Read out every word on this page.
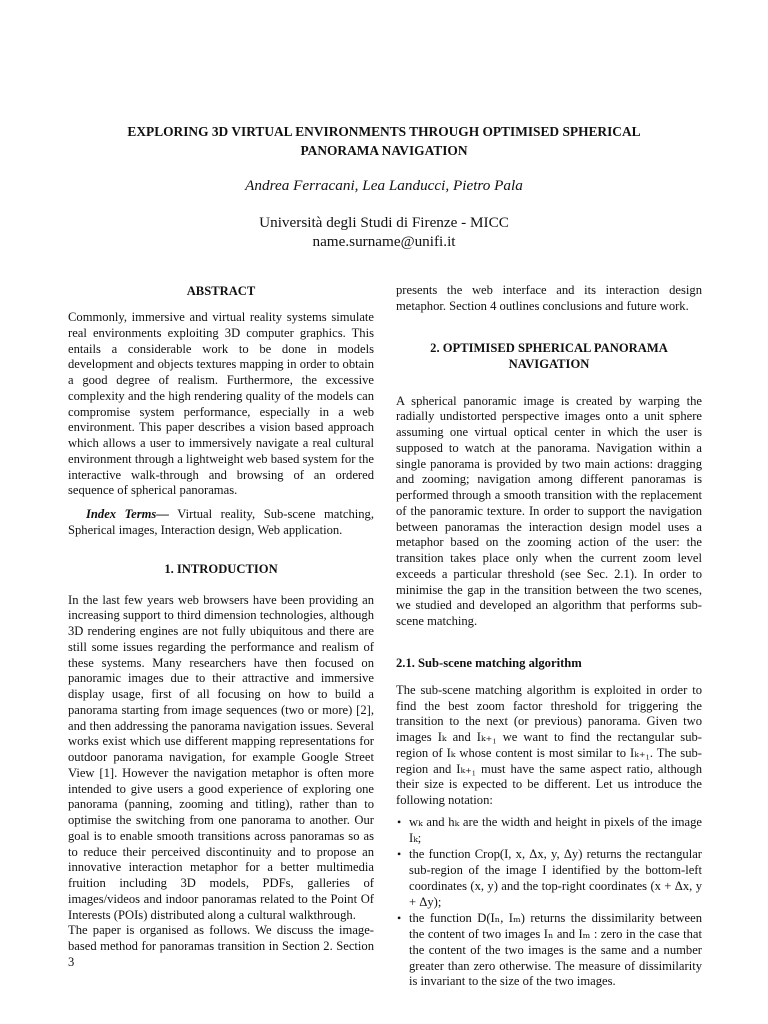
EXPLORING 3D VIRTUAL ENVIRONMENTS THROUGH OPTIMISED SPHERICAL
PANORAMA NAVIGATION
Andrea Ferracani, Lea Landucci, Pietro Pala
Università degli Studi di Firenze - MICC
name.surname@unifi.it

ABSTRACT

Commonly, immersive and virtual reality systems simulate real environments exploiting 3D computer graphics. This entails a considerable work to be done in models development and objects textures mapping in order to obtain a good degree of realism. Furthermore, the excessive complexity and the high rendering quality of the models can compromise system performance, especially in a web environment. This paper describes a vision based approach which allows a user to immersively navigate a real cultural environment through a lightweight web based system for the interactive walk-through and browsing of an ordered sequence of spherical panoramas.

Index Terms— Virtual reality, Sub-scene matching, Spherical images, Interaction design, Web application.

1. INTRODUCTION

In the last few years web browsers have been providing an increasing support to third dimension technologies, although 3D rendering engines are not fully ubiquitous and there are still some issues regarding the performance and realism of these systems. Many researchers have then focused on panoramic images due to their attractive and immersive display usage, first of all focusing on how to build a panorama starting from image sequences (two or more) [2], and then addressing the panorama navigation issues. Several works exist which use different mapping representations for outdoor panorama navigation, for example Google Street View [1]. However the navigation metaphor is often more intended to give users a good experience of exploring one panorama (panning, zooming and titling), rather than to optimise the switching from one panorama to another. Our goal is to enable smooth transitions across panoramas so as to reduce their perceived discontinuity and to propose an innovative interaction metaphor for a better multimedia fruition including 3D models, PDFs, galleries of images/videos and indoor panoramas related to the Point Of Interests (POIs) distributed along a cultural walkthrough.

The paper is organised as follows. We discuss the image-based method for panoramas transition in Section 2. Section 3

presents the web interface and its interaction design metaphor. Section 4 outlines conclusions and future work.

2. OPTIMISED SPHERICAL PANORAMA
NAVIGATION

A spherical panoramic image is created by warping the radially undistorted perspective images onto a unit sphere assuming one virtual optical center in which the user is supposed to watch at the panorama. Navigation within a single panorama is provided by two main actions: dragging and zooming; navigation among different panoramas is performed through a smooth transition with the replacement of the panoramic texture. In order to support the navigation between panoramas the interaction design model uses a metaphor based on the zooming action of the user: the transition takes place only when the current zoom level exceeds a particular threshold (see Sec. 2.1). In order to minimise the gap in the transition between the two scenes, we studied and developed an algorithm that performs sub-scene matching.

2.1. Sub-scene matching algorithm

The sub-scene matching algorithm is exploited in order to find the best zoom factor threshold for triggering the transition to the next (or previous) panorama. Given two images Iₖ and Iₖ₊₁ we want to find the rectangular sub-region of Iₖ whose content is most similar to Iₖ₊₁. The sub-region and Iₖ₊₁ must have the same aspect ratio, although their size is expected to be different. Let us introduce the following notation:

• wₖ and hₖ are the width and height in pixels of the image Iₖ;
• the function Crop(I, x, Δx, y, Δy) returns the rectangular sub-region of the image I identified by the bottom-left coordinates (x, y) and the top-right coordinates (x + Δx, y + Δy);
• the function D(Iₙ, Iₘ) returns the dissimilarity between the content of two images Iₙ and Iₘ : zero in the case that the content of the two images is the same and a number greater than zero otherwise. The measure of dissimilarity is invariant to the size of the two images.
